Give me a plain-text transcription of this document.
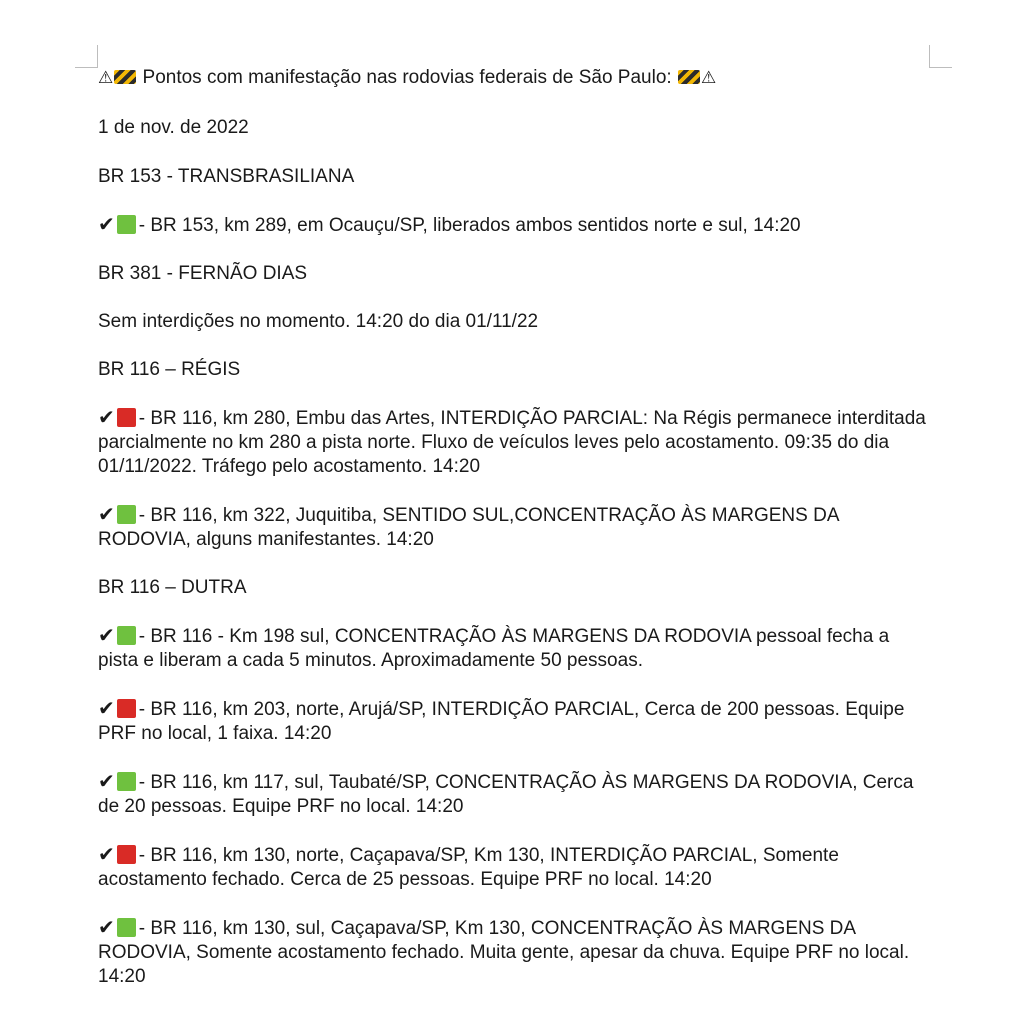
⚠ Pontos com manifestação nas rodovias federais de São Paulo: ⚠

1 de nov. de 2022

BR 153 - TRANSBRASILIANA

✔ - BR 153, km 289, em Ocauçu/SP, liberados ambos sentidos norte e sul, 14:20

BR 381 - FERNÃO DIAS

Sem interdições no momento. 14:20 do dia 01/11/22

BR 116 – RÉGIS

✔ - BR 116, km 280, Embu das Artes, INTERDIÇÃO PARCIAL: Na Régis permanece interditada parcialmente no km 280 a pista norte. Fluxo de veículos leves pelo acostamento. 09:35 do dia 01/11/2022. Tráfego pelo acostamento. 14:20

✔ - BR 116, km 322, Juquitiba, SENTIDO SUL,CONCENTRAÇÃO ÀS MARGENS DA RODOVIA, alguns manifestantes. 14:20

BR 116 – DUTRA

✔ - BR 116 - Km 198 sul, CONCENTRAÇÃO ÀS MARGENS DA RODOVIA pessoal fecha a pista e liberam a cada 5 minutos. Aproximadamente 50 pessoas.

✔ - BR 116, km 203, norte, Arujá/SP, INTERDIÇÃO PARCIAL, Cerca de 200 pessoas. Equipe PRF no local, 1 faixa. 14:20

✔ - BR 116, km 117, sul, Taubaté/SP, CONCENTRAÇÃO ÀS MARGENS DA RODOVIA, Cerca de 20 pessoas. Equipe PRF no local. 14:20

✔ - BR 116, km 130, norte, Caçapava/SP, Km 130, INTERDIÇÃO PARCIAL, Somente acostamento fechado. Cerca de 25 pessoas. Equipe PRF no local. 14:20

✔ - BR 116, km 130, sul, Caçapava/SP, Km 130, CONCENTRAÇÃO ÀS MARGENS DA RODOVIA, Somente acostamento fechado. Muita gente, apesar da chuva. Equipe PRF no local. 14:20
